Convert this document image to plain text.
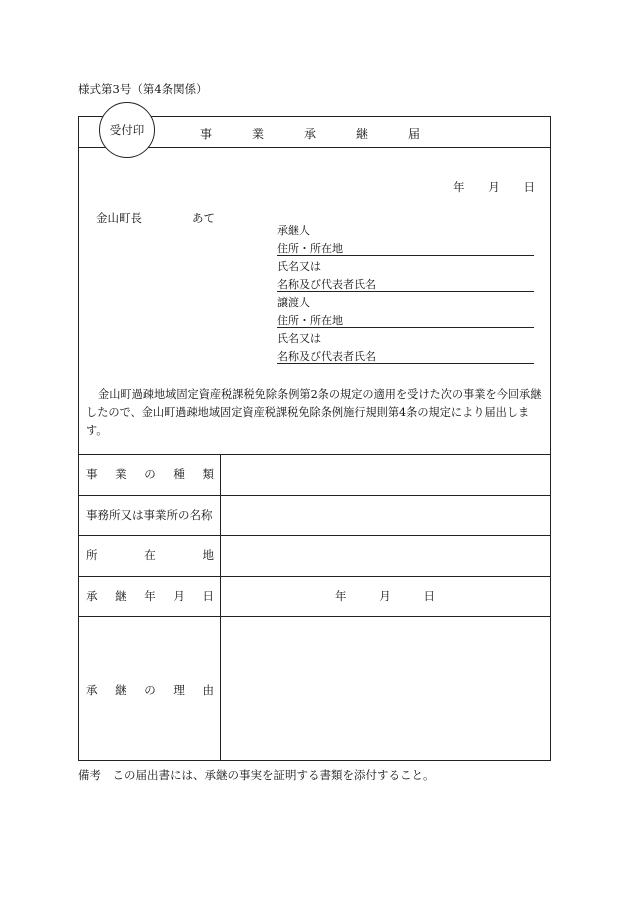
様式第3号（第4条関係）
受付印	事	業	承	継	届
年 月 日
金山町長	あて
承継人
住所・所在地
氏名又は
名称及び代表者氏名
譲渡人
住所・所在地
氏名又は
名称及び代表者氏名
金山町過疎地域固定資産税課税免除条例第2条の規定の適用を受けた次の事業を今回承継したので、金山町過疎地域固定資産税課税免除条例施行規則第4条の規定により届出します。
事 業 の 種 類
事務所又は事業所の名称
所	在	地
承 継 年 月 日	年	月	日
承 継 の 理 由
備考　この届出書には、承継の事実を証明する書類を添付すること。
